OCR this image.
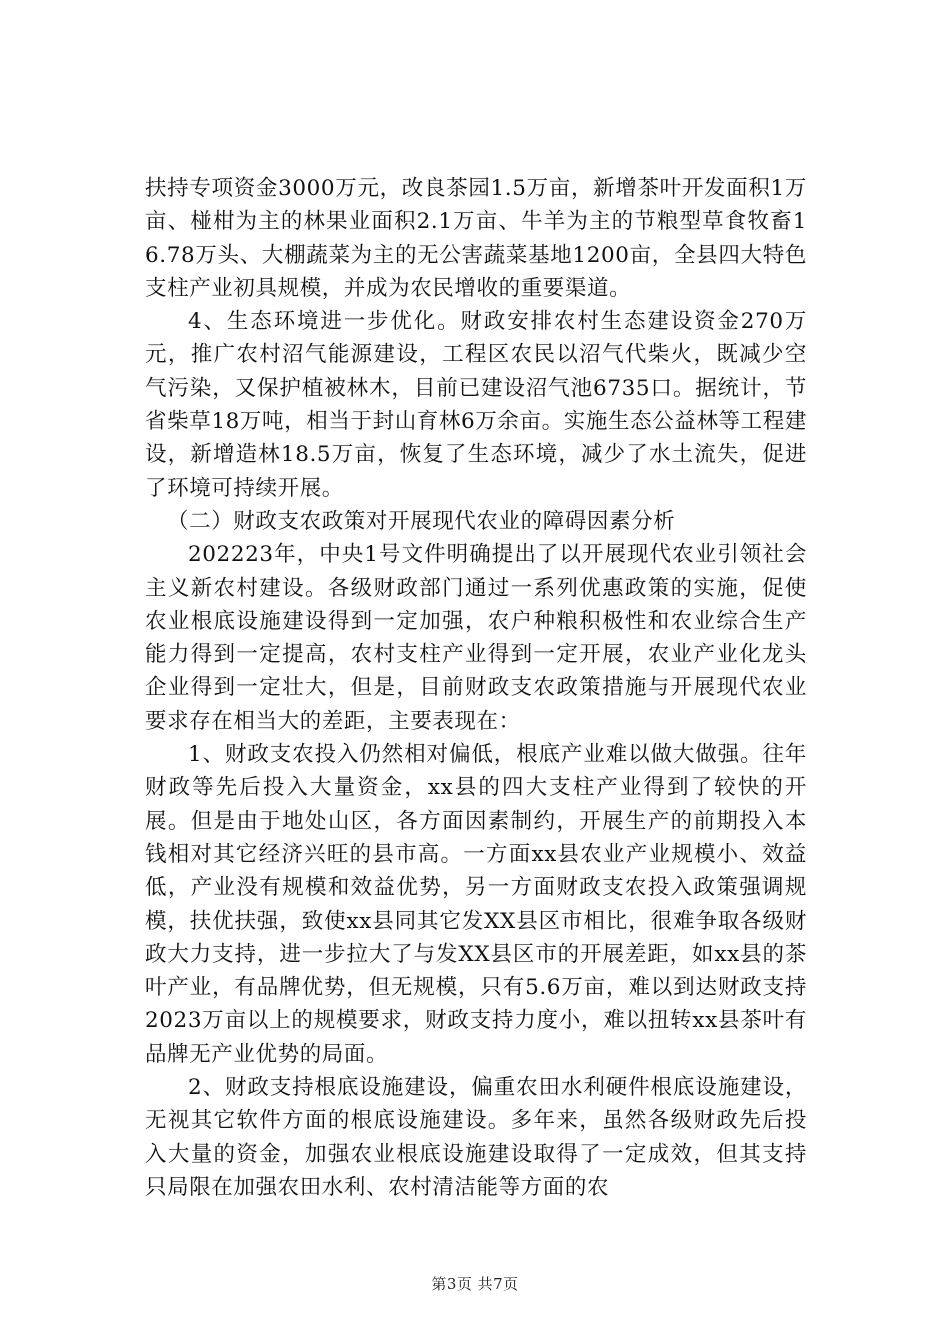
扶持专项资金3000万元，改良茶园1.5万亩，新增茶叶开发面积1万亩、椪柑为主的林果业面积2.1万亩、牛羊为主的节粮型草食牧畜16.78万头、大棚蔬菜为主的无公害蔬菜基地1200亩，全县四大特色支柱产业初具规模，并成为农民增收的重要渠道。

4、生态环境进一步优化。财政安排农村生态建设资金270万元，推广农村沼气能源建设，工程区农民以沼气代柴火，既减少空气污染，又保护植被林木，目前已建设沼气池6735口。据统计，节省柴草18万吨，相当于封山育林6万余亩。实施生态公益林等工程建设，新增造林18.5万亩，恢复了生态环境，减少了水土流失，促进了环境可持续开展。

（二）财政支农政策对开展现代农业的障碍因素分析

202223年，中央1号文件明确提出了以开展现代农业引领社会主义新农村建设。各级财政部门通过一系列优惠政策的实施，促使农业根底设施建设得到一定加强，农户种粮积极性和农业综合生产能力得到一定提高，农村支柱产业得到一定开展，农业产业化龙头企业得到一定壮大，但是，目前财政支农政策措施与开展现代农业要求存在相当大的差距，主要表现在：

1、财政支农投入仍然相对偏低，根底产业难以做大做强。往年财政等先后投入大量资金，xx县的四大支柱产业得到了较快的开展。但是由于地处山区，各方面因素制约，开展生产的前期投入本钱相对其它经济兴旺的县市高。一方面xx县农业产业规模小、效益低，产业没有规模和效益优势，另一方面财政支农投入政策强调规模，扶优扶强，致使xx县同其它发XX县区市相比，很难争取各级财政大力支持，进一步拉大了与发XX县区市的开展差距，如xx县的茶叶产业，有品牌优势，但无规模，只有5.6万亩，难以到达财政支持2023万亩以上的规模要求，财政支持力度小，难以扭转xx县茶叶有品牌无产业优势的局面。

2、财政支持根底设施建设，偏重农田水利硬件根底设施建设，无视其它软件方面的根底设施建设。多年来，虽然各级财政先后投入大量的资金，加强农业根底设施建设取得了一定成效，但其支持只局限在加强农田水利、农村清洁能等方面的农

第3页 共7页
